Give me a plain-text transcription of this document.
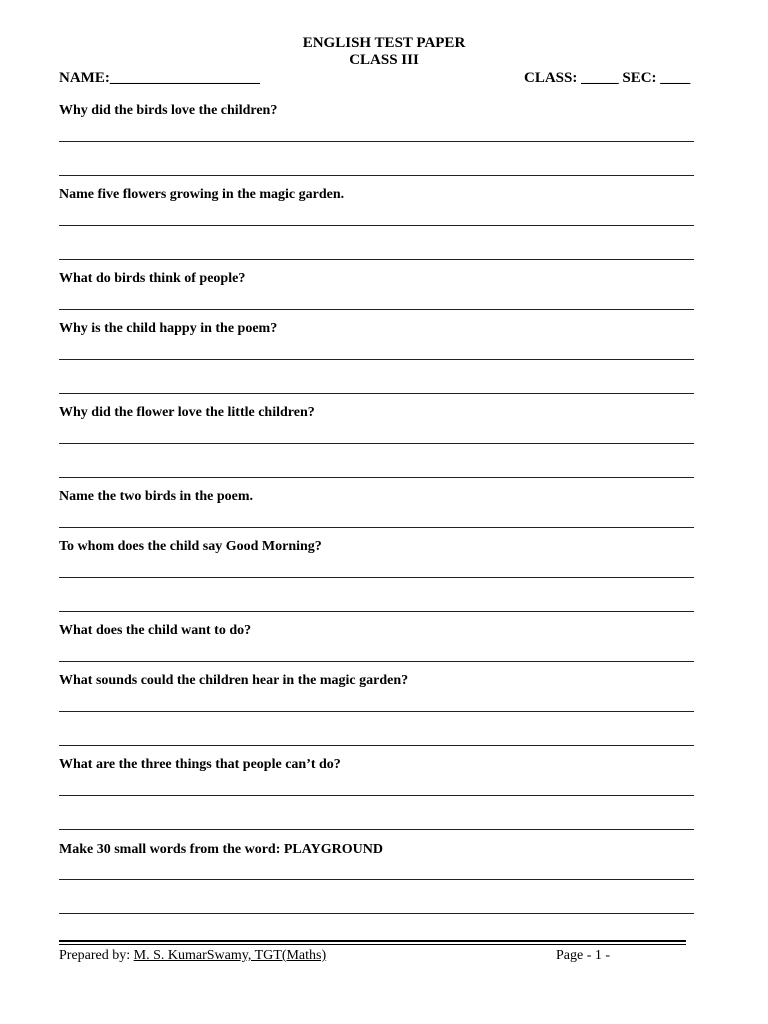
ENGLISH TEST PAPER
CLASS III
NAME:____________________	CLASS: _____ SEC: ____
Why did the birds love the children?
Name five flowers growing in the magic garden.
What do birds think of people?
Why is the child happy in the poem?
Why did the flower love the little children?
Name the two birds in the poem.
To whom does the child say Good Morning?
What does the child want to do?
What sounds could the children hear in the magic garden?
What are the three things that people can’t do?
Make 30 small words from the word: PLAYGROUND
Prepared by: M. S. KumarSwamy, TGT(Maths)	Page - 1 -
